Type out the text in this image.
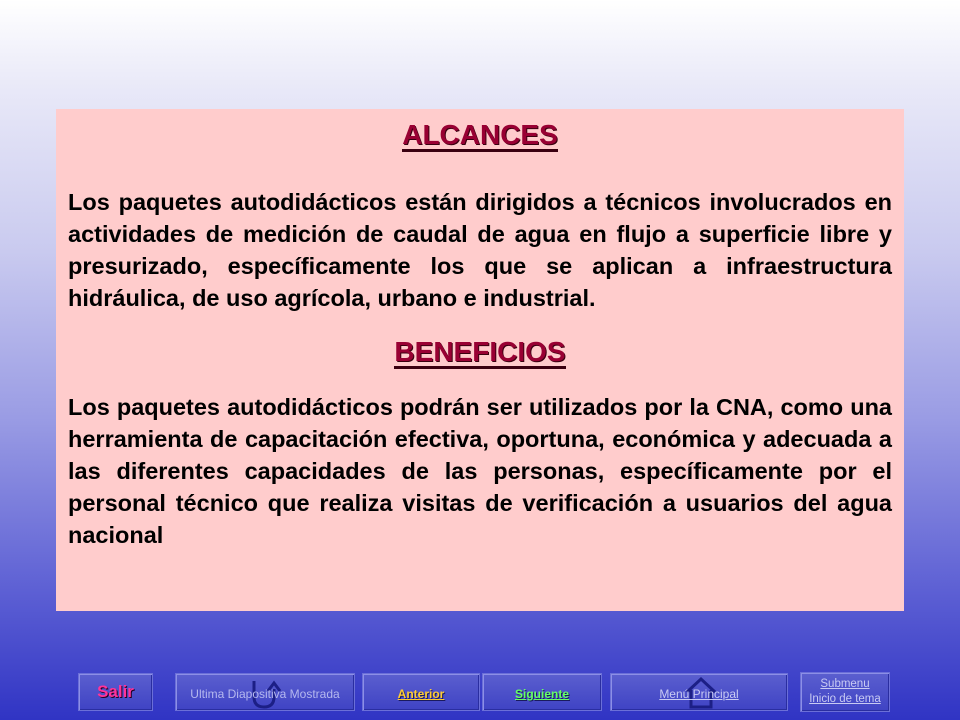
ALCANCES

Los paquetes autodidácticos están dirigidos a técnicos involucrados en actividades de medición de caudal de agua en flujo a superficie libre y presurizado, específicamente los que se aplican a infraestructura hidráulica, de uso agrícola, urbano e industrial.

BENEFICIOS

Los paquetes autodidácticos podrán ser utilizados por la CNA, como una herramienta de capacitación efectiva, oportuna, económica y adecuada a las diferentes capacidades de las personas, específicamente por el personal técnico que realiza visitas de verificación a usuarios del agua nacional

Salir	Ultima Diapositiva Mostrada	Anterior	Siguiente	Menú Principal
Submenu
Inicio de tema
